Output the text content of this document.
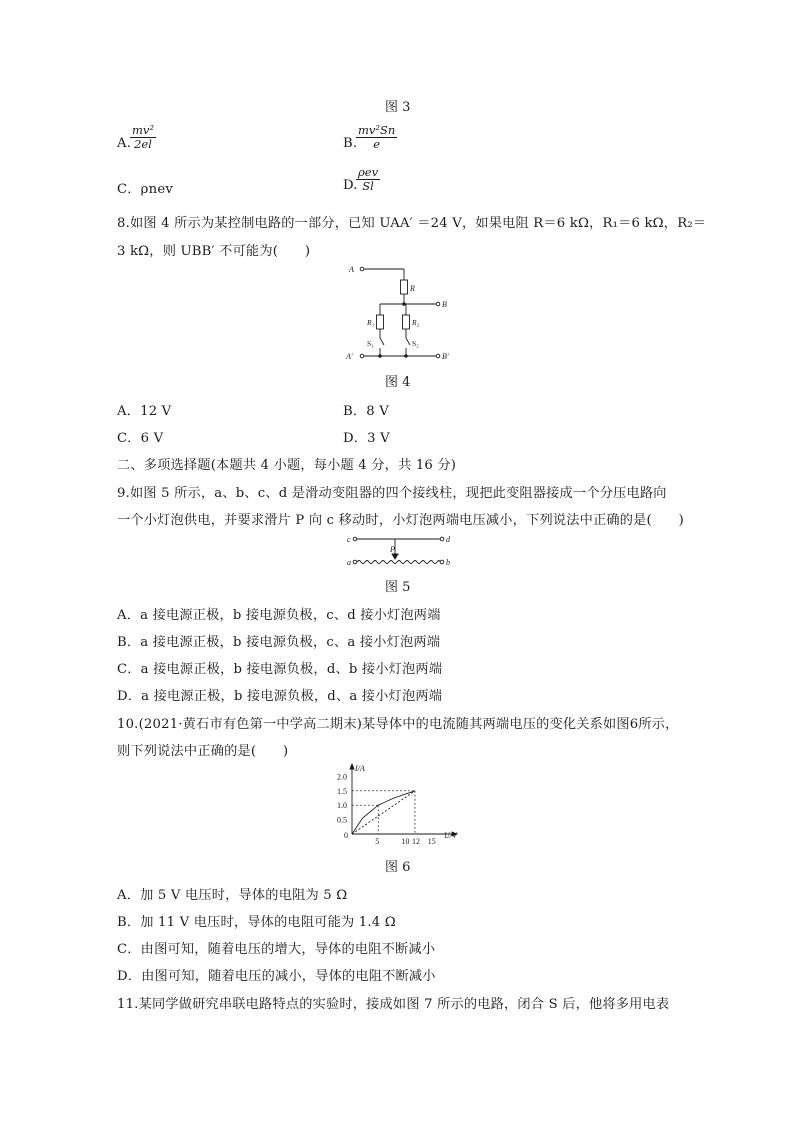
图 3
A.
$\frac{\text{mv²}}{2el}$	B.
$\frac{\text{mv²Sn}}{e}$
C．ρnev	D.
ρev
Sl
8.如图 4 所示为某控制电路的一部分，已知 UAA′ ＝24 V，如果电阻 R＝6 kΩ，R₁＝6 kΩ，R₂＝
3 kΩ，则 UBB′ 不可能为(　　)
A
R
B
R₁	R₂
S₁	S₂
A′	B′
图 4
A．12 V	B．8 V
C．6 V	D．3 V
二、多项选择题(本题共 4 小题，每小题 4 分，共 16 分)
9.如图 5 所示，a、b、c、d 是滑动变阻器的四个接线柱，现把此变阻器接成一个分压电路向
一个小灯泡供电，并要求滑片 P 向 c 移动时，小灯泡两端电压减小，下列说法中正确的是(　　)
c	d
P
a	b
图 5
A．a 接电源正极，b 接电源负极，c、d 接小灯泡两端
B．a 接电源正极，b 接电源负极，c、a 接小灯泡两端
C．a 接电源正极，b 接电源负极，d、b 接小灯泡两端
D．a 接电源正极，b 接电源负极，d、a 接小灯泡两端
10.(2021·黄石市有色第一中学高二期末)某导体中的电流随其两端电压的变化关系如图6所示，
则下列说法中正确的是(　　)
5	10 12 15
0.5
1.0
1.5
2.0
0	U/V
I/A
图 6
A．加 5 V 电压时，导体的电阻为 5 Ω
B．加 11 V 电压时，导体的电阻可能为 1.4 Ω
C．由图可知，随着电压的增大，导体的电阻不断减小
D．由图可知，随着电压的减小，导体的电阻不断减小
11.某同学做研究串联电路特点的实验时，接成如图 7 所示的电路，闭合 S 后，他将多用电表
